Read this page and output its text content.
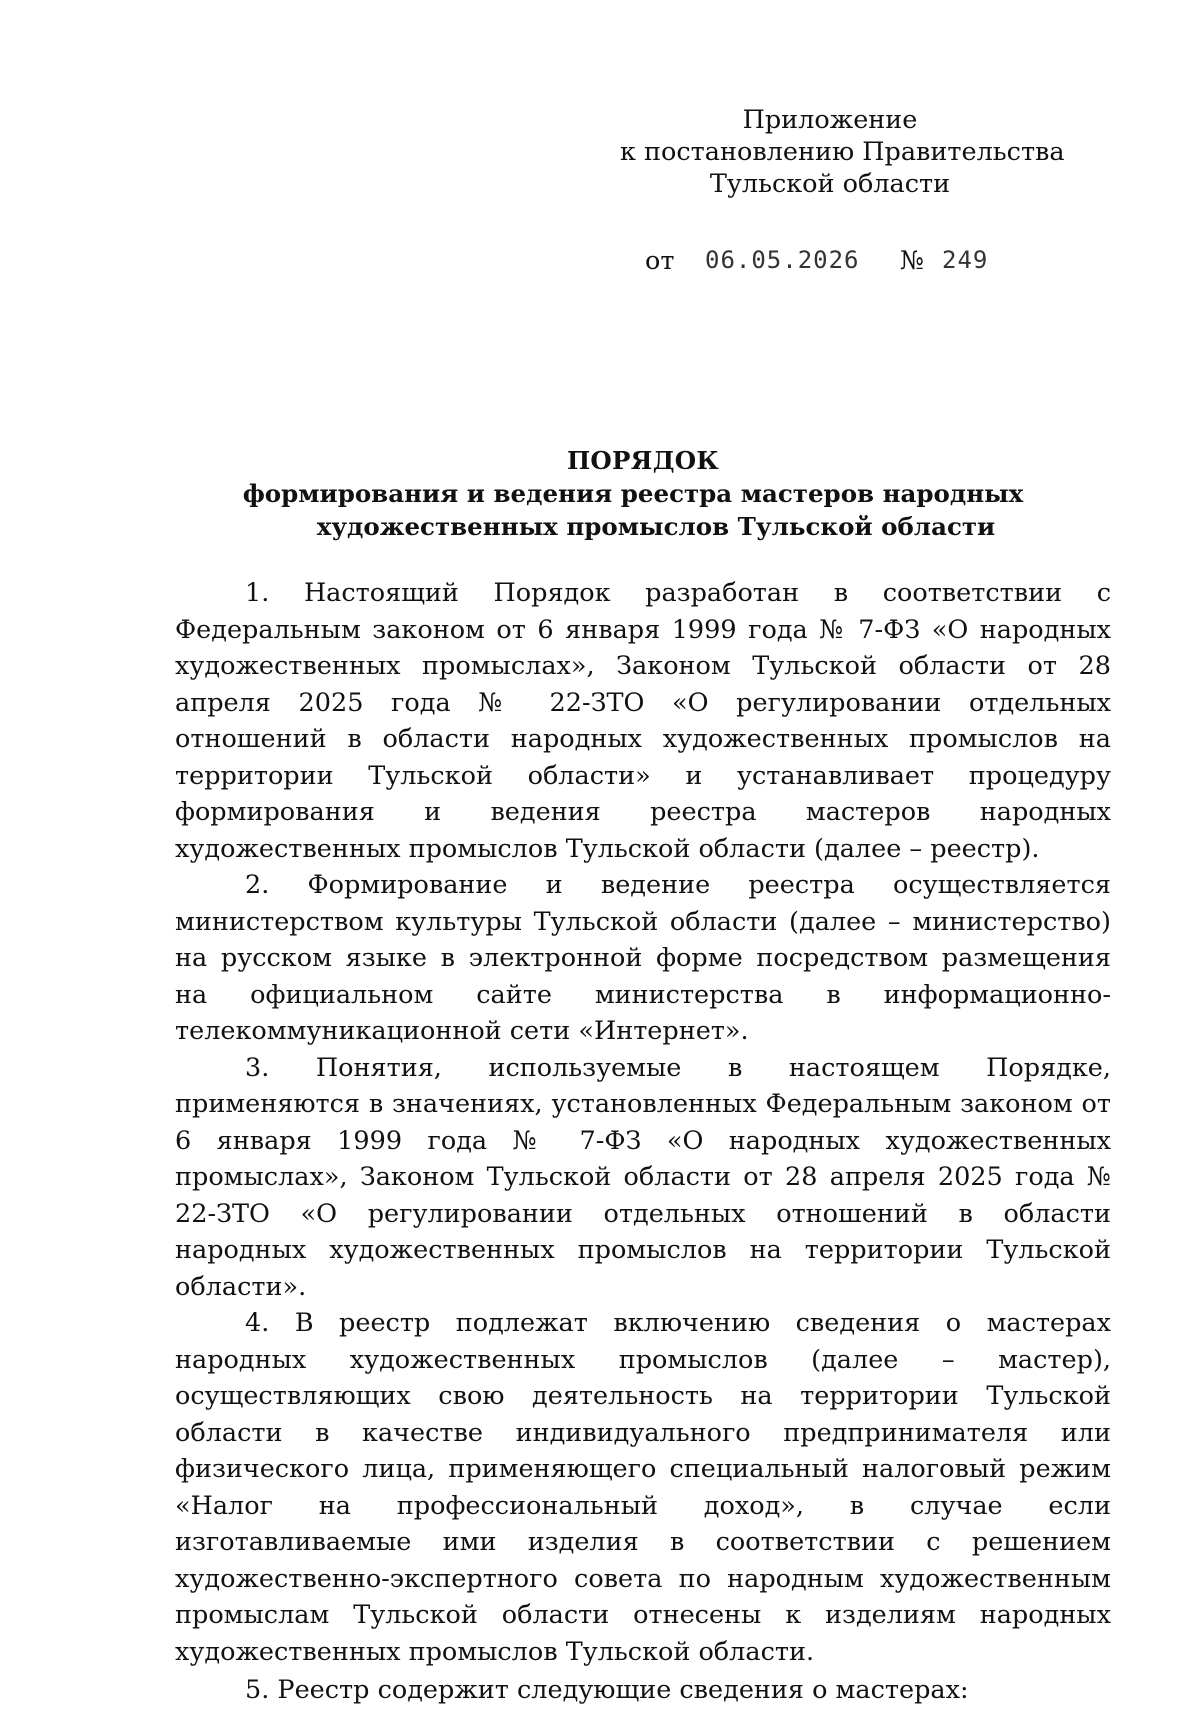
Приложение
к постановлению Правительства
Тульской области
от 06.05.2026 № 249
ПОРЯДОК
формирования и ведения реестра мастеров народных
художественных промыслов Тульской области

1. Настоящий Порядок разработан в соответствии с Федеральным законом от 6 января 1999 года № 7-ФЗ «О народных художественных промыслах», Законом Тульской области от 28 апреля 2025 года № 22-ЗТО «О регулировании отдельных отношений в области народных художественных промыслов на территории Тульской области» и устанавливает процедуру формирования и ведения реестра мастеров народных художественных промыслов Тульской области (далее – реестр).

2. Формирование и ведение реестра осуществляется министерством культуры Тульской области (далее – министерство) на русском языке в электронной форме посредством размещения на официальном сайте министерства в информационно-телекоммуникационной сети «Интернет».

3. Понятия, используемые в настоящем Порядке, применяются в значениях, установленных Федеральным законом от 6 января 1999 года № 7-ФЗ «О народных художественных промыслах», Законом Тульской области от 28 апреля 2025 года № 22-ЗТО «О регулировании отдельных отношений в области народных художественных промыслов на территории Тульской области».

4. В реестр подлежат включению сведения о мастерах народных художественных промыслов (далее – мастер), осуществляющих свою деятельность на территории Тульской области в качестве индивидуального предпринимателя или физического лица, применяющего специальный налоговый режим «Налог на профессиональный доход», в случае если изготавливаемые ими изделия в соответствии с решением художественно-экспертного совета по народным художественным промыслам Тульской области отнесены к изделиям народных художественных промыслов Тульской области.

5. Реестр содержит следующие сведения о мастерах:
